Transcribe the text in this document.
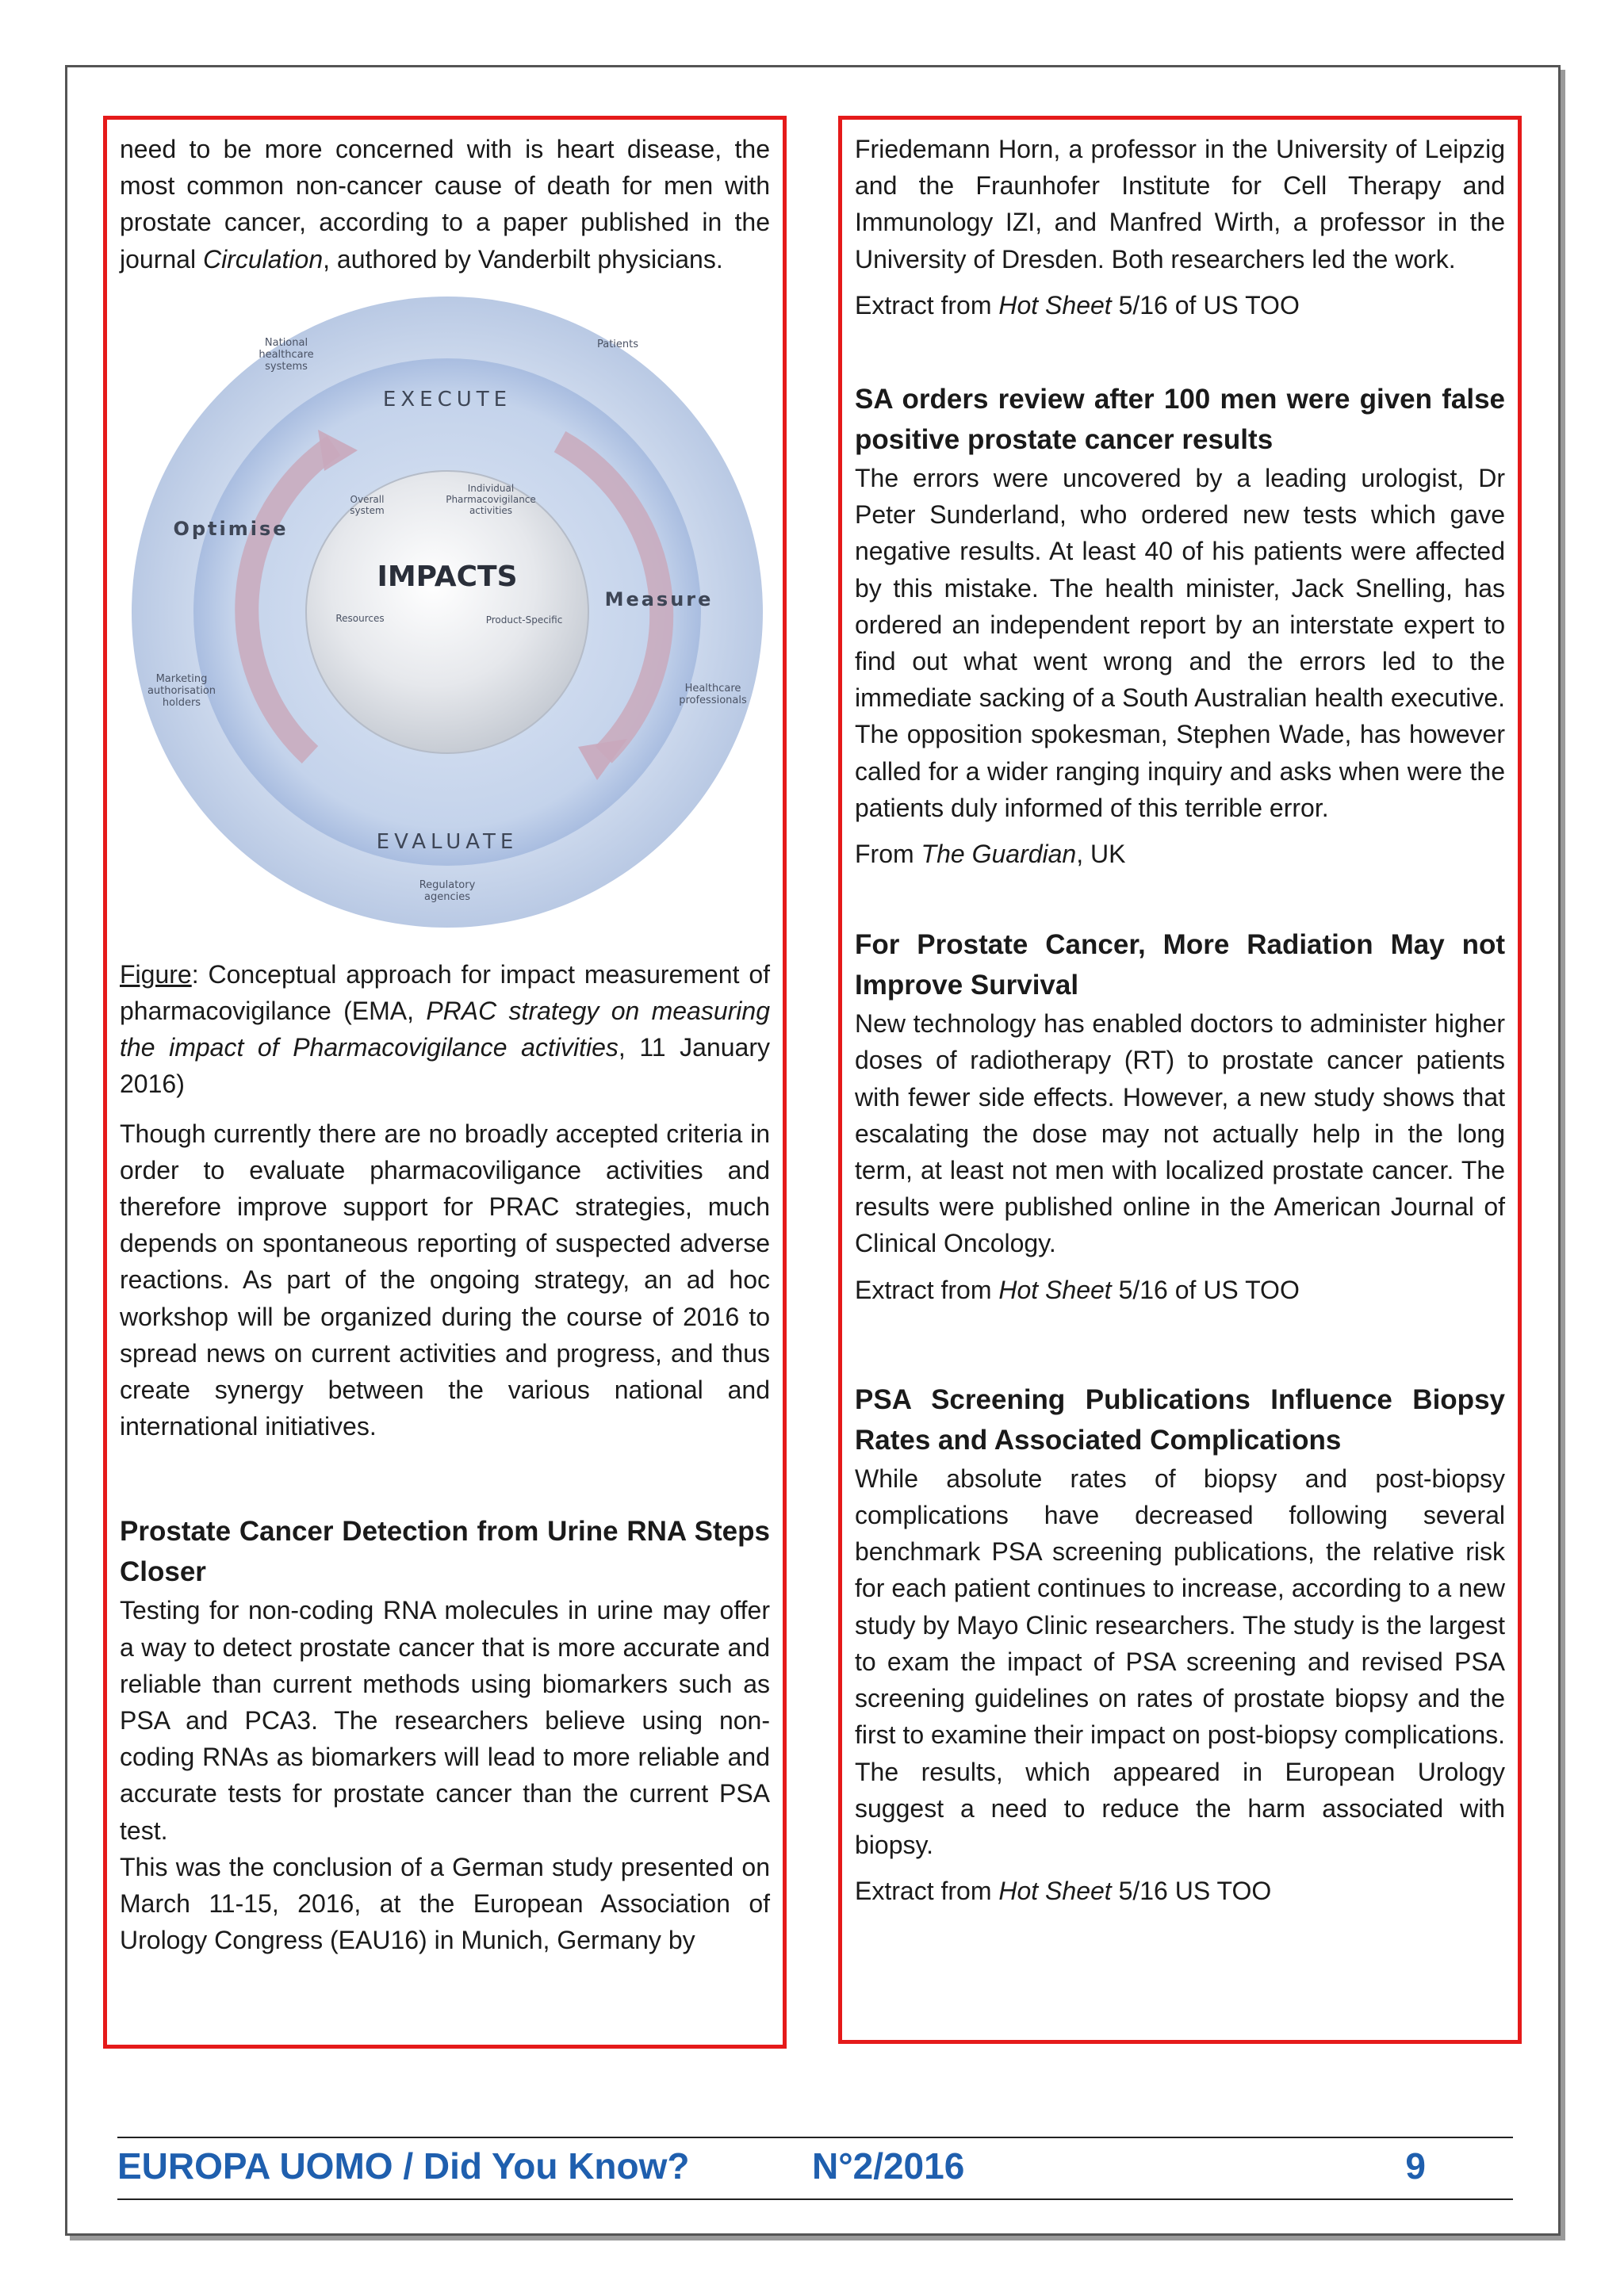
need to be more concerned with is heart disease, the most common non-cancer cause of death for men with prostate cancer, according to a paper published in the journal Circulation, authored by Vanderbilt physicians.

EXECUTE
EVALUATE
Optimise
Measure
IMPACTS
National
healthcare
systems
Patients
Marketing
authorisation
holders
Healthcare
professionals
Regulatory
agencies
Overall
system
Individual
Pharmacovigilance
activities
Resources	Product-Specific

Figure: Conceptual approach for impact measurement of pharmacovigilance (EMA, PRAC strategy on measuring the impact of Pharmacovigilance activities, 11 January 2016)

Though currently there are no broadly accepted criteria in order to evaluate pharmacoviligance activities and therefore improve support for PRAC strategies, much depends on spontaneous reporting of suspected adverse reactions. As part of the ongoing strategy, an ad hoc workshop will be organized during the course of 2016 to spread news on current activities and progress, and thus create synergy between the various national and international initiatives.

Prostate Cancer Detection from Urine RNA Steps Closer

Testing for non-coding RNA molecules in urine may offer a way to detect prostate cancer that is more accurate and reliable than current methods using biomarkers such as PSA and PCA3. The researchers believe using non-coding RNAs as biomarkers will lead to more reliable and accurate tests for prostate cancer than the current PSA test.

This was the conclusion of a German study presented on March 11-15, 2016, at the European Association of Urology Congress (EAU16) in Munich, Germany by

Friedemann Horn, a professor in the University of Leipzig and the Fraunhofer Institute for Cell Therapy and Immunology IZI, and Manfred Wirth, a professor in the University of Dresden. Both researchers led the work.

Extract from Hot Sheet 5/16 of US TOO

SA orders review after 100 men were given false positive prostate cancer results

The errors were uncovered by a leading urologist, Dr Peter Sunderland, who ordered new tests which gave negative results. At least 40 of his patients were affected by this mistake. The health minister, Jack Snelling, has ordered an independent report by an interstate expert to find out what went wrong and the errors led to the immediate sacking of a South Australian health executive. The opposition spokesman, Stephen Wade, has however called for a wider ranging inquiry and asks when were the patients duly informed of this terrible error.

From The Guardian, UK

For Prostate Cancer, More Radiation May not Improve Survival

New technology has enabled doctors to administer higher doses of radiotherapy (RT) to prostate cancer patients with fewer side effects. However, a new study shows that escalating the dose may not actually help in the long term, at least not men with localized prostate cancer. The results were published online in the American Journal of Clinical Oncology.

Extract from Hot Sheet 5/16 of US TOO

PSA Screening Publications Influence Biopsy Rates and Associated Complications

While absolute rates of biopsy and post-biopsy complications have decreased following several benchmark PSA screening publications, the relative risk for each patient continues to increase, according to a new study by Mayo Clinic researchers. The study is the largest to exam the impact of PSA screening and revised PSA screening guidelines on rates of prostate biopsy and the first to examine their impact on post-biopsy complications. The results, which appeared in European Urology suggest a need to reduce the harm associated with biopsy.

Extract from Hot Sheet 5/16 US TOO

EUROPA UOMO / Did You Know?	N°2/2016	9
